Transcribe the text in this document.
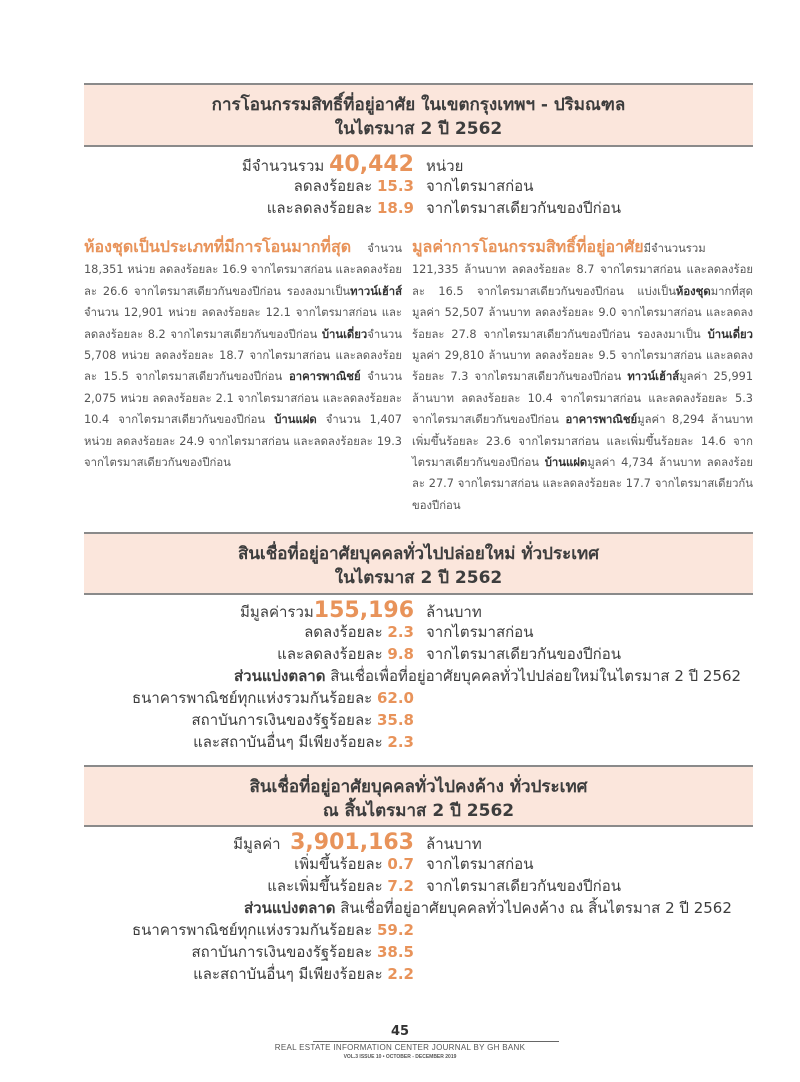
การโอนกรรมสิทธิ์ที่อยู่อาศัย ในเขตกรุงเทพฯ - ปริมณฑล
ในไตรมาส 2 ปี 2562
มีจำนวนรวม 40,442 หน่วย
ลดลงร้อยละ 15.3 จากไตรมาสก่อน
และลดลงร้อยละ 18.9 จากไตรมาสเดียวกันของปีก่อน
ห้องชุดเป็นประเภทที่มีการโอนมากที่สุด จำนวน 18,351 หน่วย ลดลงร้อยละ 16.9 จากไตรมาสก่อน และลดลงร้อยละ 26.6 จากไตรมาสเดียวกันของปีก่อน รองลงมาเป็นทาวน์เฮ้าส์จำนวน 12,901 หน่วย ลดลงร้อยละ 12.1 จากไตรมาสก่อน และลดลงร้อยละ 8.2 จากไตรมาสเดียวกันของปีก่อน บ้านเดี่ยวจำนวน 5,708 หน่วย ลดลงร้อยละ 18.7 จากไตรมาสก่อน และลดลงร้อยละ 15.5 จากไตรมาสเดียวกันของปีก่อน อาคารพาณิชย์ จำนวน 2,075 หน่วย ลดลงร้อยละ 2.1 จากไตรมาสก่อน และลดลงร้อยละ 10.4 จากไตรมาสเดียวกันของปีก่อน บ้านแฝด จำนวน 1,407 หน่วย ลดลงร้อยละ 24.9 จากไตรมาสก่อน และลดลงร้อยละ 19.3 จากไตรมาสเดียวกันของปีก่อน
มูลค่าการโอนกรรมสิทธิ์ที่อยู่อาศัยมีจำนวนรวม 121,335 ล้านบาท ลดลงร้อยละ 8.7 จากไตรมาสก่อน และลดลงร้อยละ 16.5 จากไตรมาสเดียวกันของปีก่อน แบ่งเป็นห้องชุดมากที่สุด มูลค่า 52,507 ล้านบาท ลดลงร้อยละ 9.0 จากไตรมาสก่อน และลดลงร้อยละ 27.8 จากไตรมาสเดียวกันของปีก่อน รองลงมาเป็น บ้านเดี่ยวมูลค่า 29,810 ล้านบาท ลดลงร้อยละ 9.5 จากไตรมาสก่อน และลดลงร้อยละ 7.3 จากไตรมาสเดียวกันของปีก่อน ทาวน์เฮ้าส์มูลค่า 25,991 ล้านบาท ลดลงร้อยละ 10.4 จากไตรมาสก่อน และลดลงร้อยละ 5.3 จากไตรมาสเดียวกันของปีก่อน อาคารพาณิชย์มูลค่า 8,294 ล้านบาท เพิ่มขึ้นร้อยละ 23.6 จากไตรมาสก่อน และเพิ่มขึ้นร้อยละ 14.6 จากไตรมาสเดียวกันของปีก่อน บ้านแฝดมูลค่า 4,734 ล้านบาท ลดลงร้อยละ 27.7 จากไตรมาสก่อน และลดลงร้อยละ 17.7 จากไตรมาสเดียวกันของปีก่อน
สินเชื่อที่อยู่อาศัยบุคคลทั่วไปปล่อยใหม่ ทั่วประเทศ
ในไตรมาส 2 ปี 2562
มีมูลค่ารวม155,196 ล้านบาท
ลดลงร้อยละ 2.3 จากไตรมาสก่อน
และลดลงร้อยละ 9.8 จากไตรมาสเดียวกันของปีก่อน
ส่วนแบ่งตลาด สินเชื่อเพื่อที่อยู่อาศัยบุคคลทั่วไปปล่อยใหม่ในไตรมาส 2 ปี 2562
ธนาคารพาณิชย์ทุกแห่งรวมกันร้อยละ 62.0
สถาบันการเงินของรัฐร้อยละ 35.8
และสถาบันอื่นๆ มีเพียงร้อยละ 2.3
สินเชื่อที่อยู่อาศัยบุคคลทั่วไปคงค้าง ทั่วประเทศ
ณ สิ้นไตรมาส 2 ปี 2562
มีมูลค่า 3,901,163 ล้านบาท
เพิ่มขึ้นร้อยละ 0.7 จากไตรมาสก่อน
และเพิ่มขึ้นร้อยละ 7.2 จากไตรมาสเดียวกันของปีก่อน
ส่วนแบ่งตลาด สินเชื่อที่อยู่อาศัยบุคคลทั่วไปคงค้าง ณ สิ้นไตรมาส 2 ปี 2562
ธนาคารพาณิชย์ทุกแห่งรวมกันร้อยละ 59.2
สถาบันการเงินของรัฐร้อยละ 38.5
และสถาบันอื่นๆ มีเพียงร้อยละ 2.2
45
REAL ESTATE INFORMATION CENTER JOURNAL BY GH BANK
VOL.3 ISSUE 10 • OCTOBER - DECEMBER 2019
